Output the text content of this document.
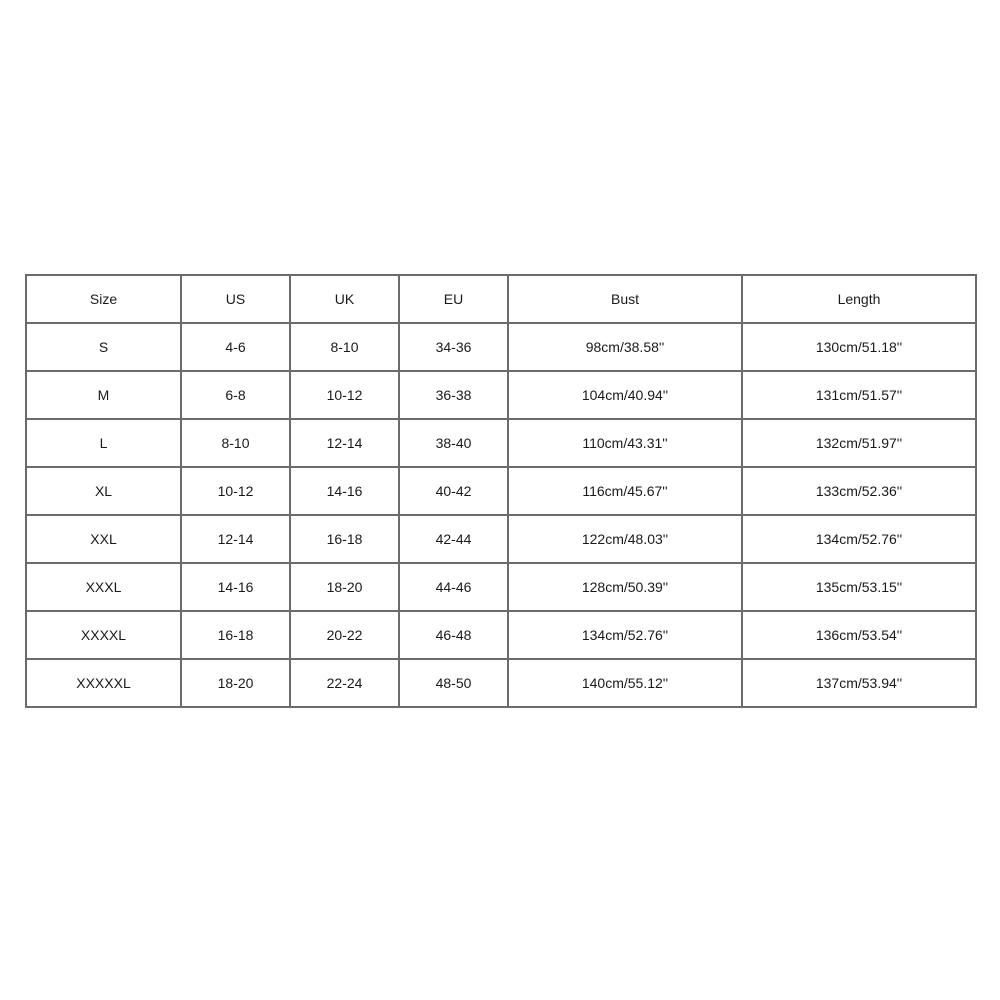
Size	US	UK	EU	Bust	Length
S	4-6	8-10	34-36	98cm/38.58''	130cm/51.18''
M	6-8	10-12	36-38	104cm/40.94''	131cm/51.57''
L	8-10	12-14	38-40	110cm/43.31''	132cm/51.97''
XL	10-12	14-16	40-42	116cm/45.67''	133cm/52.36''
XXL	12-14	16-18	42-44	122cm/48.03''	134cm/52.76''
XXXL	14-16	18-20	44-46	128cm/50.39''	135cm/53.15''
XXXXL	16-18	20-22	46-48	134cm/52.76''	136cm/53.54''
XXXXXL	18-20	22-24	48-50	140cm/55.12''	137cm/53.94''
